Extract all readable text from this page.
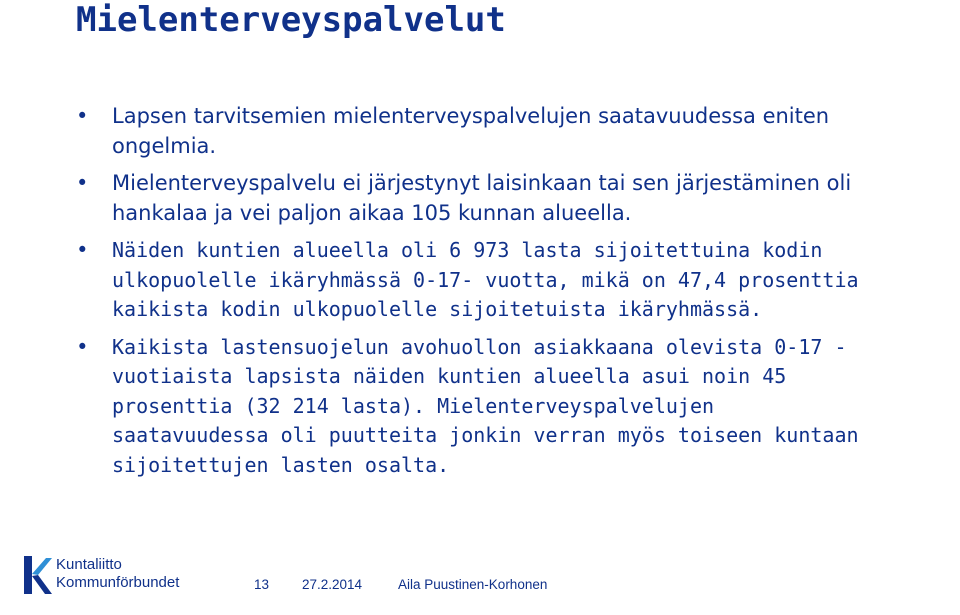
Mielenterveyspalvelut
• Lapsen tarvitsemien mielenterveyspalvelujen saatavuudessa eniten ongelmia.
• Mielenterveyspalvelu ei järjestynyt laisinkaan tai sen järjestäminen oli hankalaa ja vei paljon aikaa 105 kunnan alueella.
• Näiden kuntien alueella oli 6 973 lasta sijoitettuina kodin ulkopuolelle ikäryhmässä 0-17- vuotta, mikä on 47,4 prosenttia kaikista kodin ulkopuolelle sijoitetuista ikäryhmässä.
• Kaikista lastensuojelun avohuollon asiakkaana olevista 0-17 -vuotiaista lapsista näiden kuntien alueella asui noin 45 prosenttia (32 214 lasta). Mielenterveyspalvelujen saatavuudessa oli puutteita jonkin verran myös toiseen kuntaan sijoitettujen lasten osalta.
Kuntaliitto
Kommunförbundet	13 27.2.2014	Aila Puustinen-Korhonen
